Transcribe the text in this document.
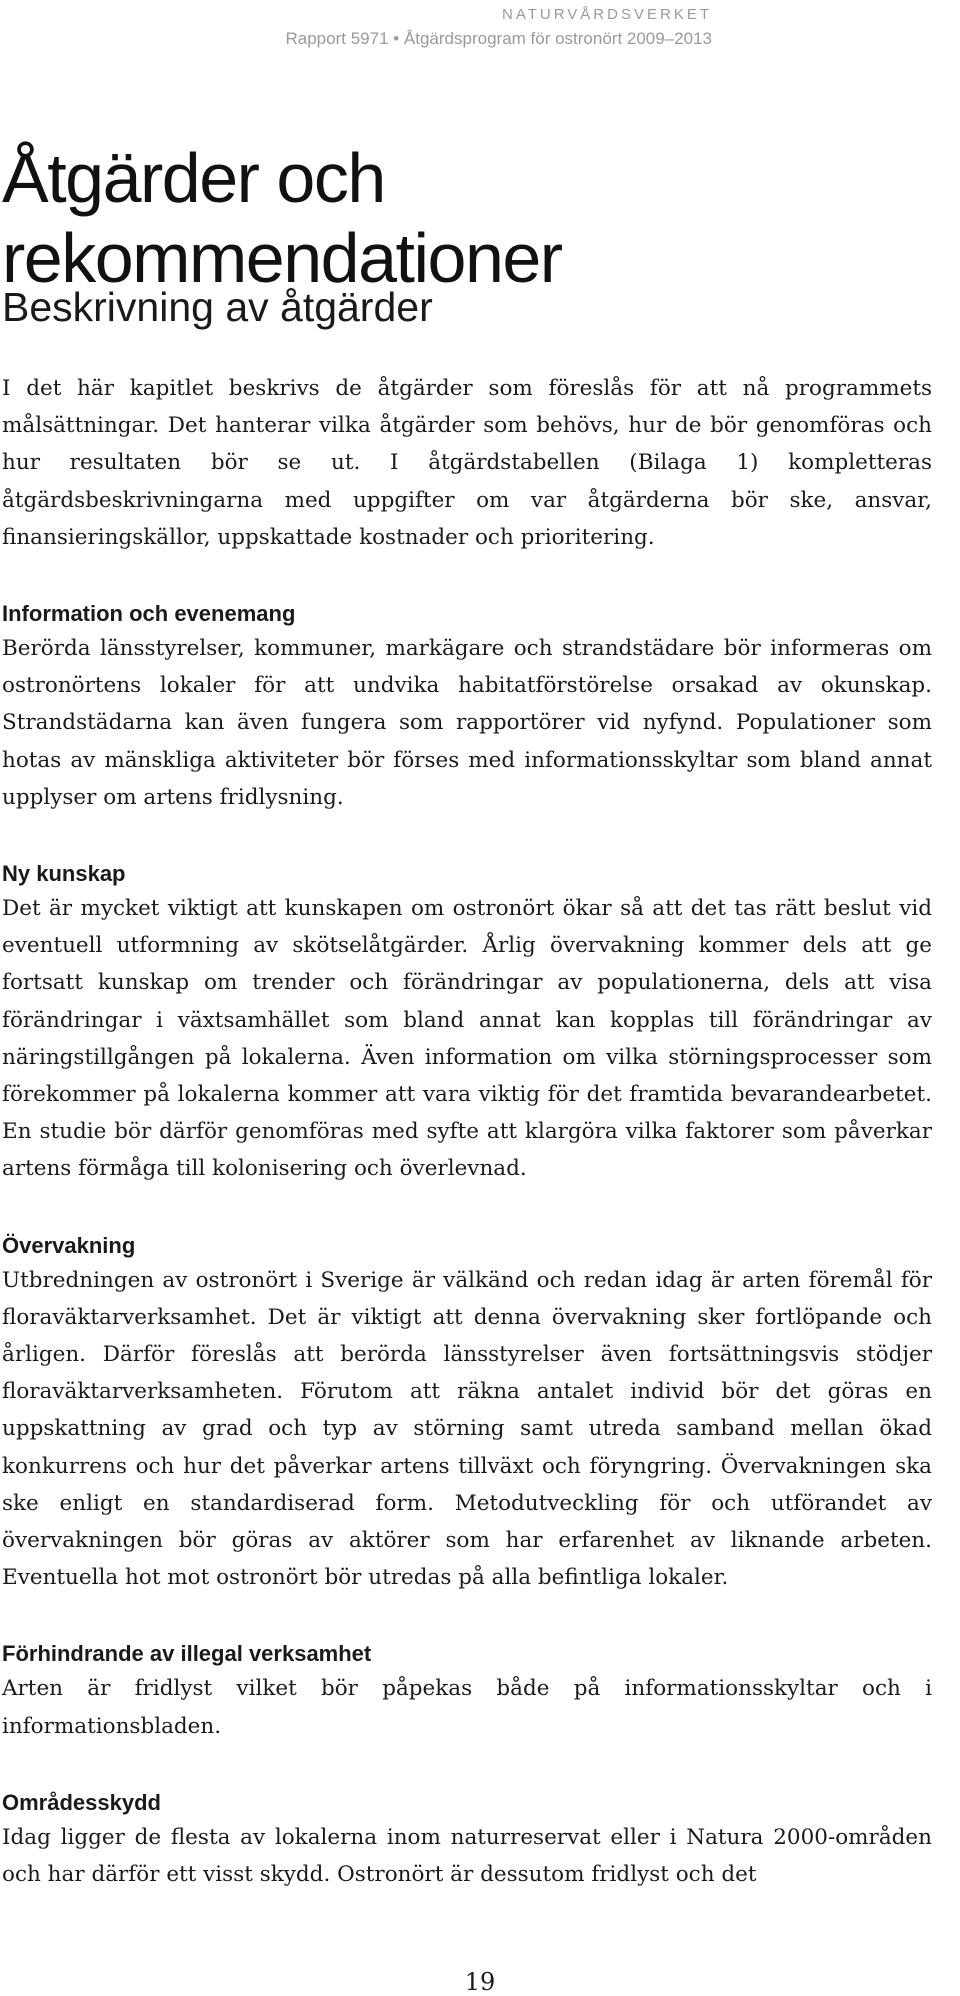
NATURVÅRDSVERKET
Rapport 5971 • Åtgärdsprogram för ostronört 2009–2013
Åtgärder och rekommendationer
Beskrivning av åtgärder

I det här kapitlet beskrivs de åtgärder som föreslås för att nå programmets målsättningar. Det hanterar vilka åtgärder som behövs, hur de bör genomföras och hur resultaten bör se ut. I åtgärdstabellen (Bilaga 1) kompletteras åtgärdsbeskrivningarna med uppgifter om var åtgärderna bör ske, ansvar, finansieringskällor, uppskattade kostnader och prioritering.

Information och evenemang

Berörda länsstyrelser, kommuner, markägare och strandstädare bör informeras om ostronörtens lokaler för att undvika habitatförstörelse orsakad av okunskap. Strandstädarna kan även fungera som rapportörer vid nyfynd. Populationer som hotas av mänskliga aktiviteter bör förses med informationsskyltar som bland annat upplyser om artens fridlysning.

Ny kunskap

Det är mycket viktigt att kunskapen om ostronört ökar så att det tas rätt beslut vid eventuell utformning av skötselåtgärder. Årlig övervakning kommer dels att ge fortsatt kunskap om trender och förändringar av populationerna, dels att visa förändringar i växtsamhället som bland annat kan kopplas till förändringar av näringstillgången på lokalerna. Även information om vilka störningsprocesser som förekommer på lokalerna kommer att vara viktig för det framtida bevarandearbetet. En studie bör därför genomföras med syfte att klargöra vilka faktorer som påverkar artens förmåga till kolonisering och överlevnad.

Övervakning

Utbredningen av ostronört i Sverige är välkänd och redan idag är arten föremål för floraväktarverksamhet. Det är viktigt att denna övervakning sker fortlöpande och årligen. Därför föreslås att berörda länsstyrelser även fortsättningsvis stödjer floraväktarverksamheten. Förutom att räkna antalet individ bör det göras en uppskattning av grad och typ av störning samt utreda samband mellan ökad konkurrens och hur det påverkar artens tillväxt och föryngring. Övervakningen ska ske enligt en standardiserad form. Metodutveckling för och utförandet av övervakningen bör göras av aktörer som har erfarenhet av liknande arbeten. Eventuella hot mot ostronört bör utredas på alla befintliga lokaler.

Förhindrande av illegal verksamhet

Arten är fridlyst vilket bör påpekas både på informationsskyltar och i informationsbladen.

Områdesskydd

Idag ligger de flesta av lokalerna inom naturreservat eller i Natura 2000-områden och har därför ett visst skydd. Ostronört är dessutom fridlyst och det

19
